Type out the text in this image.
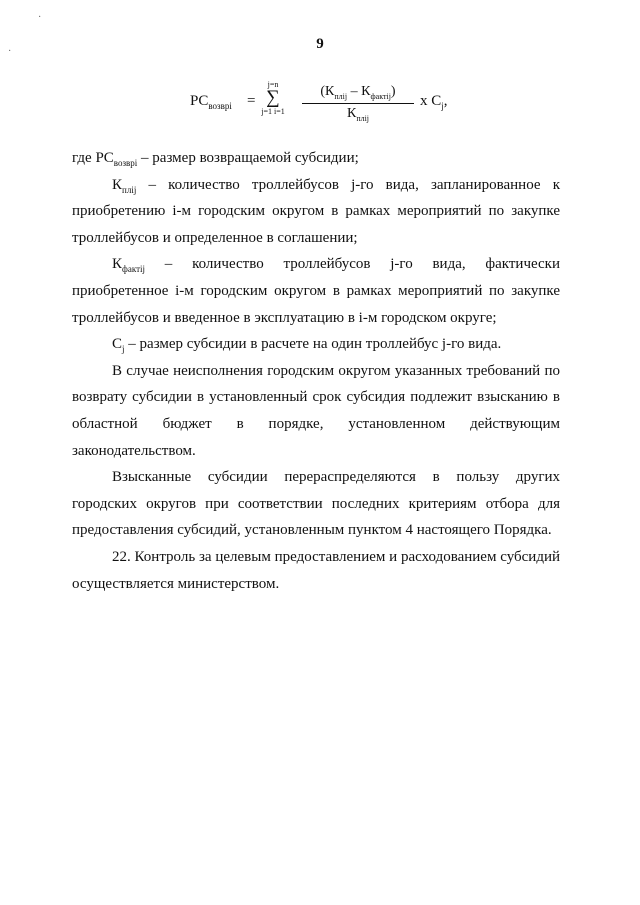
9
$PC_{возврi}$ =
j=n
∑
j=1 i=1
$(К_{плij} - К_{фактij})$
$К_{плij}$
x $C_j$,

где $PC_{возврi}$ – размер возвращаемой субсидии;

$К_{плij}$ – количество троллейбусов j-го вида, запланированное к приобретению i-м городским округом в рамках мероприятий по закупке троллейбусов и определенное в соглашении;

$К_{фактij}$ – количество троллейбусов j-го вида, фактически приобретенное i-м городским округом в рамках мероприятий по закупке троллейбусов и введенное в эксплуатацию в i-м городском округе;

$C_j$ – размер субсидии в расчете на один троллейбус j-го вида.

В случае неисполнения городским округом указанных требований по возврату субсидии в установленный срок субсидия подлежит взысканию в областной бюджет в порядке, установленном действующим законодательством.

Взысканные субсидии перераспределяются в пользу других городских округов при соответствии последних критериям отбора для предоставления субсидий, установленным пунктом 4 настоящего Порядка.

22. Контроль за целевым предоставлением и расходованием субсидий осуществляется министерством.

·
·
